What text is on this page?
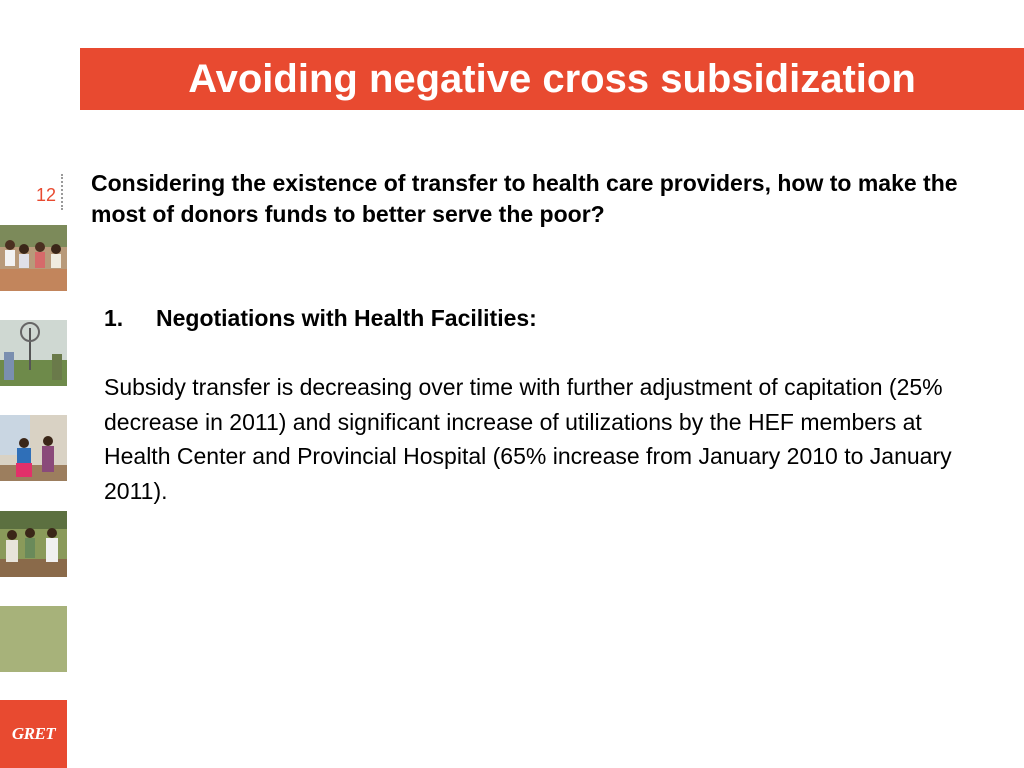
Avoiding negative cross subsidization
12
GRET
Considering the existence of transfer to health care providers, how to make the most of donors funds to better serve the poor?
1. Negotiations with Health Facilities:
Subsidy transfer is decreasing over time with further adjustment of capitation (25% decrease in 2011) and significant increase of utilizations by the HEF members at Health Center and Provincial Hospital (65% increase from January 2010 to January 2011).
